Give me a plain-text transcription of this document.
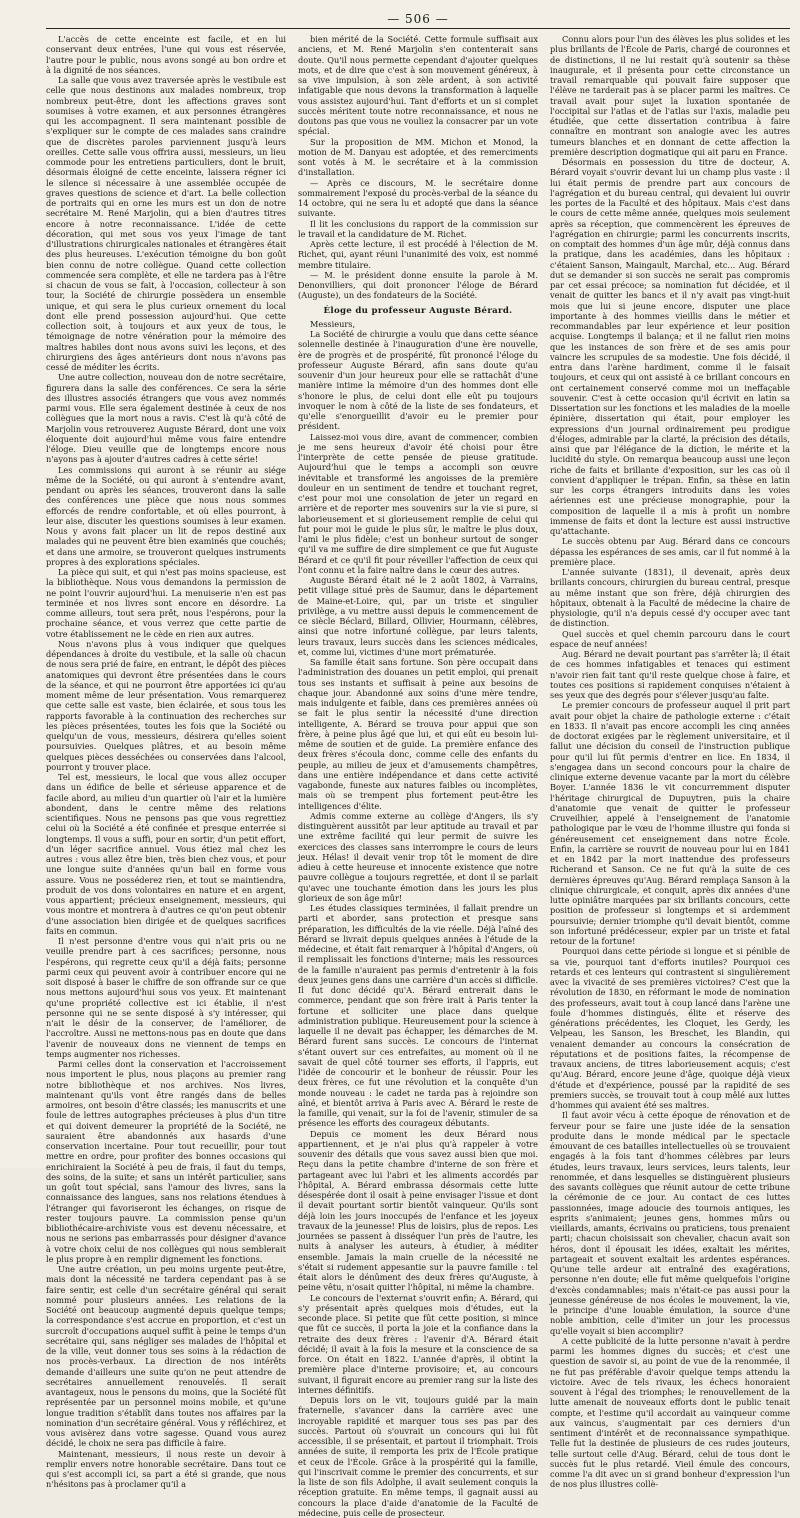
— 506 —

L'accès de cette enceinte est facile, et en lui conservant deux entrées, l'une qui vous est réservée, l'autre pour le public, nous avons songé au bon ordre et à la dignité de nos séances.

La salle que vous avez traversée après le vestibule est celle que nous destinons aux malades nombreux, trop nombreux peut-être, dont les affections graves sont soumises à votre examen, et aux personnes étrangères qui les accompagnent. Il sera maintenant possible de s'expliquer sur le compte de ces malades sans craindre que de discrètes paroles parviennent jusqu'à leurs oreilles. Cette salle vous offrira aussi, messieurs, un lieu commode pour les entretiens particuliers, dont le bruit, désormais éloigné de cette enceinte, laissera régner ici le silence si nécessaire à une assemblée occupée de graves questions de science et d'art. La belle collection de portraits qui en orne les murs est un don de notre secrétaire M. René Marjolin, qui a bien d'autres titres encore à notre reconnaissance. L'idée de cette décoration, qui met sous vos yeux l'image de tant d'illustrations chirurgicales nationales et étrangères était des plus heureuses. L'exécution témoigne du bon goût bien connu de notre collègue. Quand cette collection commencée sera complète, et elle ne tardera pas à l'être si chacun de vous se fait, à l'occasion, collecteur à son tour, la Société de chirurgie possèdera un ensemble unique, et qui sera le plus curieux ornement du local dont elle prend possession aujourd'hui. Que cette collection soit, à toujours et aux yeux de tous, le témoignage de notre vénération pour la mémoire des maîtres habiles dont nous avons suivi les leçons, et des chirurgiens des âges antérieurs dont nous n'avons pas cessé de méditer les écrits.

Une autre collection, nouveau don de notre secrétaire, figurera dans la salle des conférences. Ce sera la série des illustres associés étrangers que vous avez nommés parmi vous. Elle sera également destinée à ceux de nos collègues que la mort nous a ravis. C'est là qu'à côté de Marjolin vous retrouverez Auguste Bérard, dont une voix éloquente doit aujourd'hui même vous faire entendre l'éloge. Dieu veuille que de longtemps encore nous n'ayons pas à ajouter d'autres cadres à cette série!

Les commissions qui auront à se réunir au siége même de la Société, ou qui auront à s'entendre avant, pendant ou après les séances, trouveront dans la salle des conférences une pièce que nous nous sommes efforcés de rendre confortable, et où elles pourront, à leur aise, discuter les questions soumises à leur examen. Nous y avons fait placer un lit de repos destiné aux malades qui ne peuvent être bien examinés que couchés; et dans une armoire, se trouveront quelques instruments propres à des explorations spéciales.

La pièce qui suit, et qui n'est pas moins spacieuse, est la bibliothèque. Nous vous demandons la permission de ne point l'ouvrir aujourd'hui. La menuiserie n'en est pas terminée et nos livres sont encore en désordre. La comme ailleurs, tout sera prêt, nous l'espérons, pour la prochaine séance, et vous verrez que cette partie de votre établissement ne le cède en rien aux autres.

Nous n'avons plus à vous indiquer que quelques dépendances à droite du vestibule, et la salle où chacun de nous sera prié de faire, en entrant, le dépôt des pièces anatomiques qui devront être présentées dans le cours de la séance, et qui ne pourront être apportées ici qu'au moment même de leur présentation. Vous remarquerez que cette salle est vaste, bien éclairée, et sous tous les rapports favorable à la continuation des recherches sur les pièces présentées, toutes les fois que la Société ou quelqu'un de vous, messieurs, désirera qu'elles soient poursuivies. Quelques plâtres, et au besoin même quelques pièces desséchées ou conservées dans l'alcool, pourront y trouver place.

Tel est, messieurs, le local que vous allez occuper dans un édifice de belle et sérieuse apparence et de facile abord, au milieu d'un quartier où l'air et la lumière abondent, dans le centre même des relations scientifiques. Nous ne pensons pas que vous regrettiez celui où la Société a été confinée et presque enterrée si longtemps. Il vous a suffi, pour en sortir, d'un petit effort, d'un léger sacrifice annuel. Vous étiez mal chez les autres : vous allez être bien, très bien chez vous, et pour une longue suite d'années qu'un bail en forme vous assure. Vous ne posséderez rien, et tout se maintiendra, produit de vos dons volontaires en nature et en argent, vous appartient; précieux enseignement, messieurs, qui vous montre et montrera à d'autres ce qu'on peut obtenir d'une association bien dirigée et de quelques sacrifices faits en commun.

Il n'est personne d'entre vous qui n'ait pris ou ne veuille prendre part à ces sacrifices; personne, nous l'espérons, qui regrette ceux qu'il a déjà faits; personne parmi ceux qui peuvent avoir à contribuer encore qui ne soit disposé à baser le chiffre de son offrande sur ce que nous mettons aujourd'hui sous vos yeux. Et maintenant qu'une propriété collective est ici établie, il n'est personne qui ne se sente disposé à s'y intéresser, qui n'ait le désir de la conserver, de l'améliorer, de l'accroître. Aussi ne mettons-nous pas en doute que dans l'avenir de nouveaux dons ne viennent de temps en temps augmenter nos richesses.

Parmi celles dont la conservation et l'accroissement nous importent le plus, nous plaçons au premier rang notre bibliothèque et nos archives. Nos livres, maintenant qu'ils vont être rangés dans de belles armoires, ont besoin d'être classés; les manuscrits et une foule de lettres autographes précieuses à plus d'un titre et qui doivent demeurer la propriété de la Société, ne sauraient être abandonnés aux hasards d'une conservation incertaine. Pour tout recueillir, pour tout mettre en ordre, pour profiter des bonnes occasions qui enrichiraient la Société à peu de frais, il faut du temps, des soins, de la suite; et sans un intérêt particulier, sans un goût tout spécial, sans l'amour des livres, sans la connaissance des langues, sans nos relations étendues à l'étranger qui favoriseront les échanges, on risque de rester toujours pauvre. La commission pense qu'un bibliothécaire-archiviste vous est devenu nécessaire, et nous ne serions pas embarrassés pour désigner d'avance à votre choix celui de nos collègues qui nous semblerait le plus propre à en remplir dignement les fonctions.

Une autre création, un peu moins urgente peut-être, mais dont la nécessité ne tardera cependant pas à se faire sentir, est celle d'un secrétaire général qui serait nommé pour plusieurs années. Les relations de la Société ont beaucoup augmenté depuis quelque temps; la correspondance s'est accrue en proportion, et c'est un surcroît d'occupations auquel suffit à peine le temps d'un secrétaire qui, sans négliger ses malades de l'hôpital et de la ville, veut donner tous ses soins à la rédaction de nos procès-verbaux. La direction de nos intérêts demande d'ailleurs une suite qu'on ne peut attendre de secrétaires annuellement renouvelés. Il serait avantageux, nous le pensons du moins, que la Société fût représentée par un personnel moins mobile, et qu'une longue tradition s'établît dans toutes nos affaires par la nomination d'un secrétaire général. Vous y réfléchirez, et vous avisèrez dans votre sagesse. Quand vous aurez décidé, le choix ne sera pas difficile à faire.

Maintenant, messieurs, il nous reste un devoir à remplir envers notre honorable secrétaire. Dans tout ce qui s'est accompli ici, sa part a été si grande, que nous n'hésitons pas à proclamer qu'il a

bien mérité de la Société. Cette formule suffisait aux anciens, et M. René Marjolin s'en contenterait sans doute. Qu'il nous permette cependant d'ajouter quelques mots, et de dire que c'est à son mouvement généreux, à sa vive impulsion, à son zèle ardent, à son activité infatigable que nous devons la transformation à laquelle vous assistez aujourd'hui. Tant d'efforts et un si complet succès méritent toute notre reconnaissance, et nous ne doutons pas que vous ne vouliez la consacrer par un vote spécial.

Sur la proposition de MM. Michon et Monod, la motion de M. Danyau est adoptée, et des remerciments sont votés à M. le secrétaire et à la commission d'installation.

— Après ce discours, M. le secrétaire donne sommairement l'exposé du procès-verbal de la séance du 14 octobre, qui ne sera lu et adopté que dans la séance suivante.

Il lit les conclusions du rapport de la commission sur le travail et la candidature de M. Richet.

Après cette lecture, il est procédé à l'élection de M. Richet, qui, ayant réuni l'unanimité des voix, est nommé membre titulaire.

— M. le président donne ensuite la parole à M. Denonvilliers, qui doit prononcer l'éloge de Bérard (Auguste), un des fondateurs de la Société.

Éloge du professeur Auguste Bérard.

Messieurs,

La Société de chirurgie a voulu que dans cette séance solennelle destinée à l'inauguration d'une ère nouvelle, ère de progrès et de prospérité, fût prononcé l'éloge du professeur Auguste Bérard, afin sans doute qu'au souvenir d'un jour heureux pour elle se rattachât d'une manière intime la mémoire d'un des hommes dont elle s'honore le plus, de celui dont elle eût pu toujours invoquer le nom à côté de la liste de ses fondateurs, et qu'elle s'enorgueillit d'avoir eu le premier pour président.

Laissez-moi vous dire, avant de commencer, combien je me sens heureux d'avoir été choisi pour être l'interprète de cette pensée de pieuse gratitude. Aujourd'hui que le temps a accompli son œuvre inévitable et transformé les angoisses de la première douleur en un sentiment de tendre et touchant regret, c'est pour moi une consolation de jeter un regard en arrière et de reporter mes souvenirs sur la vie si pure, si laborieusement et si glorieusement remplie de celui qui fut pour moi le guide le plus sûr, le maître le plus doux, l'ami le plus fidèle; c'est un bonheur surtout de songer qu'il va me suffire de dire simplement ce que fut Auguste Bérard et ce qu'il fit pour réveiller l'affection de ceux qui l'ont connu et la faire naître dans le cœur des autres.

Auguste Bérard était né le 2 août 1802, à Varrains, petit village situé près de Saumur, dans le département de Maine-et-Loire, qui, par un triste et singulier privilège, a vu mettre aussi depuis le commencement de ce siècle Béclard, Billard, Ollivier, Hourmann, célèbres, ainsi que notre infortuné collègue, par leurs talents, leurs travaux, leurs succès dans les sciences médicales, et, comme lui, victimes d'une mort prématurée.

Sa famille était sans fortune. Son père occupait dans l'administration des douanes un petit emploi, qui prenait tous ses instants et suffisait à peine aux besoins de chaque jour. Abandonné aux soins d'une mère tendre, mais indulgente et faible, dans ces premières années où se fait le plus sentir la nécessité d'une direction intelligente, A. Bérard se trouva pour appui que son frère, à peine plus âgé que lui, et qui eût eu besoin lui-même de soutien et de guide. La première enfance des deux frères s'écoula donc, comme celle des enfants du peuple, au milieu de jeux et d'amusements champêtres, dans une entière indépendance et dans cette activité vagabonde, funeste aux natures faibles ou incomplètes, mais où se trempent plus fortement peut-être les intelligences d'élite.

Admis comme externe au collège d'Angers, ils s'y distinguèrent aussitôt par leur aptitude au travail et par une extrême facilité qui leur permit de suivre les exercices des classes sans interrompre le cours de leurs jeux. Hélas! il devait venir trop tôt le moment de dire adieu à cette heureuse et innocente existence que notre pauvre collègue a toujours regrettée, et dont il se parlait qu'avec une touchante émotion dans les jours les plus glorieux de son âge mûr!

Les études classiques terminées, il fallait prendre un parti et aborder, sans protection et presque sans préparation, les difficultés de la vie réelle. Déjà l'aîné des Bérard se livrait depuis quelques années à l'étude de la médecine, et était fait remarquer à l'hôpital d'Angers, où il remplissait les fonctions d'interne; mais les ressources de la famille n'auraient pas permis d'entretenir à la fois deux jeunes gens dans une carrière d'un accès si difficile. Il fut donc décidé qu'A. Bérard entrerait dans le commerce, pendant que son frère irait à Paris tenter la fortune et solliciter une place dans quelque administration publique. Heureusement pour la science à laquelle il ne devait pas échapper, les démarches de M. Bérard furent sans succès. Le concours de l'internat s'étant ouvert sur ces entrefaites, au moment où il ne savait de quel côté tourner ses efforts, il l'appris, eut l'idée de concourir et le bonheur de réussir. Pour les deux frères, ce fut une révolution et la conquête d'un monde nouveau : le cadet ne tarda pas à rejoindre son aîné, et bientôt arriva à Paris avec A. Bérard le reste de la famille, qui venait, sur la foi de l'avenir, stimuler de sa présence les efforts des courageux débutants.

Depuis ce moment les deux Bérard nous appartiennent, et je n'ai plus qu'à rappeler à votre souvenir des détails que vous savez aussi bien que moi. Reçu dans la petite chambre d'interne de son frère et partageant avec lui l'abri et les aliments accordés par l'hôpital, A. Bérard embrassa désormais cette lutte désespérée dont il osait à peine envisager l'issue et dont il devait pourtant sortir bientôt vainqueur. Qu'ils sont déjà loin les jours inoccupés de l'enfance et les joyeux travaux de la jeunesse! Plus de loisirs, plus de repos. Les journées se passent à disséquer l'un près de l'autre, les nuits à analyser les auteurs, à étudier, à méditer ensemble. Jamais la main cruelle de la nécessité ne s'était si rudement appesantie sur la pauvre famille : tel était alors le dénûment des deux frères qu'Auguste, à peine vêtu, n'osait quitter l'hôpital, ni même la chambre.

Le concours de l'externat s'ouvrit enfin; A. Bérard, qui s'y présentait après quelques mois d'études, eut la seconde place. Si petite que fût cette position, si mince que fût ce succès, il porta la joie et la confiance dans la retraite des deux frères : l'avenir d'A. Bérard était décidé; il avait à la fois la mesure et la conscience de sa force. On était en 1822. L'année d'après, il obtint la première place d'interne provisoire; et, au concours suivant, il figurait encore au premier rang sur la liste des internes définitifs.

Depuis lors on le vit, toujours guidé par la main fraternelle, s'avancer dans la carrière avec une incroyable rapidité et marquer tous ses pas par des succès. Partout où s'ouvrait un concours qui lui fût accessible, il se présentait, et partout il triomphait. Trois années de suite, il remporta les prix de l'École pratique et ceux de l'École. Grâce à la prospérité qui la famille, qui l'inscrivait comme le premier des concurrents, et sur la liste de son fils Adolphe, il avait seulement conquis la réception gratuite. En même temps, il gagnait aussi au concours la place d'aide d'anatomie de la Faculté de médecine, puis celle de prosecteur.

Connu alors pour l'un des élèves les plus solides et les plus brillants de l'École de Paris, chargé de couronnes et de distinctions, il ne lui restait qu'à soutenir sa thèse inaugurale, et il présenta pour cette circonstance un travail remarquable qui pouvait faire supposer que l'élève ne tarderait pas à se placer parmi les maîtres. Ce travail avait pour sujet la luxation spontanée de l'occipital sur l'atlas et de l'atlas sur l'axis, maladie peu étudiée, que cette dissertation contribua à faire connaître en montrant son analogie avec les autres tumeurs blanches et en donnant de cette affection la première description dogmatique qui ait paru en France.

Désormais en possession du titre de docteur, A. Bérard voyait s'ouvrir devant lui un champ plus vaste : il lui était permis de prendre part aux concours de l'agrégation et du bureau central, qui devaient lui ouvrir les portes de la Faculté et des hôpitaux. Mais c'est dans le cours de cette même année, quelques mois seulement après sa réception, que commencèrent les épreuves de l'agrégation en chirurgie; parmi les concurrents inscrits, on comptait des hommes d'un âge mûr, déjà connus dans la pratique, dans les académies, dans les hôpitaux : c'étaient Sanson, Maingault, Marchal, etc... Aug. Bérard dut se demander si son succès ne serait pas compromis par cet essai précoce; sa nomination fut décidée, et il venait de quitter les bancs et il n'y avait pas vingt-huit mois que lui si jeune encore, disputer une place importante à des hommes vieillis dans le métier et recommandables par leur expérience et leur position acquise. Longtemps il balança; et il ne fallut rien moins que les instances de son frère et de ses amis pour vaincre les scrupules de sa modestie. Une fois décidé, il entra dans l'arène hardiment, comme il le faisait toujours, et ceux qui ont assisté à ce brillant concours en ont certainement conservé comme moi un ineffaçable souvenir. C'est à cette occasion qu'il écrivit en latin sa Dissertation sur les fonctions et les maladies de la moelle épinière, dissertation qui était, pour employer les expressions d'un journal ordinairement peu prodigue d'éloges, admirable par la clarté, la précision des détails, ainsi que par l'élégance de la diction, le mérite et la lucidité du style. On remarqua beaucoup aussi une leçon riche de faits et brillante d'exposition, sur les cas où il convient d'appliquer le trépan. Enfin, sa thèse en latin sur les corps étrangers introduits dans les voies aériennes est une précieuse monographie, pour la composition de laquelle il a mis à profit un nombre immense de faits et dont la lecture est aussi instructive qu'attachante.

Le succès obtenu par Aug. Bérard dans ce concours dépassa les espérances de ses amis, car il fut nommé à la première place.

L'année suivante (1831), il devenait, après deux brillants concours, chirurgien du bureau central, presque au même instant que son frère, déjà chirurgien des hôpitaux, obtenait à la Faculté de médecine la chaire de physiologie, qu'il n'a depuis cessé d'y occuper avec tant de distinction.

Quel succès et quel chemin parcouru dans le court espace de neuf années!

Aug. Bérard ne devait pourtant pas s'arrêter là; il était de ces hommes infatigables et tenaces qui estiment n'avoir rien fait tant qu'il reste quelque chose à faire, et toutes ces positions si rapidement conquises n'étaient à ses yeux que des degrés pour s'élever jusqu'au faîte.

Le premier concours de professeur auquel il prit part avait pour objet la chaire de pathologie externe : c'était en 1833. Il n'avait pas encore accompli les cinq années de doctorat exigées par le règlement universitaire, et il fallut une décision du conseil de l'instruction publique pour qu'il lui fût permis d'entrer en lice. En 1834, il s'engagea dans un second concours pour la chaire de clinique externe devenue vacante par la mort du célèbre Boyer. L'année 1836 le vit concurremment disputer l'héritage chirurgical de Dupuytren, puis la chaire d'anatomie que venait de quitter le professeur Cruveilhier, appelé à l'enseignement de l'anatomie pathologique par le vœu de l'homme illustre qui fonda si généreusement cet enseignement dans notre École. Enfin, la carrière se rouvrit de nouveau pour lui en 1841 et en 1842 par la mort inattendue des professeurs Richerand et Sanson. Ce ne fut qu'à la suite de ces dernières épreuves qu'Aug. Bérard remplaça Sanson à la clinique chirurgicale, et conquit, après dix années d'une lutte opiniâtre marquées par six brillants concours, cette position de professeur si longtemps et si ardemment poursuivie; dernier triomphe qu'il devait bientôt, comme son infortuné prédécesseur, expier par un triste et fatal retour de la fortune!

Pourquoi dans cette période si longue et si pénible de sa vie, pourquoi tant d'efforts inutiles? Pourquoi ces retards et ces lenteurs qui contrastent si singulièrement avec la vivacité de ses premières victoires? C'est que la révolution de 1830, en réformant le mode de nomination des professeurs, avait tout à coup lancé dans l'arène une foule d'hommes distingués, élite et réserve des générations précédentes, les Cloquet, les Gerdy, les Velpeau, les Sanson, les Breschet, les Blandin, qui venaient demander au concours la consécration de réputations et de positions faites, la récompense de travaux anciens, de titres laborieusement acquis; c'est qu'Aug. Bérard, encore jeune d'âge, quoique déjà vieux d'étude et d'expérience, poussé par la rapidité de ses premiers succès, se trouvait tout à coup mêlé aux luttes d'hommes qui avaient été ses maîtres.

Il faut avoir vécu à cette époque de rénovation et de ferveur pour se faire une juste idée de la sensation produite dans le monde médical par le spectacle émouvant de ces batailles intellectuelles où se trouvaient engagés à la fois tant d'hommes célèbres par leurs études, leurs travaux, leurs services, leurs talents, leur renommée, et dans lesquelles se distinguèrent plusieurs des savants collègues que réunit autour de cette tribune la cérémonie de ce jour. Au contact de ces luttes passionnées, image adoucie des tournois antiques, les esprits s'animaient; jeunes gens, hommes mûrs ou vieillards, amants, écrivains ou praticiens, tous prenaient parti; chacun choisissait son chevalier, chacun avait son héros, dont il épousait les idées, exaltait les mérites, partageait et souvent exaltait les ardentes espérances. Qu'une telle ardeur ait entraîné des exagérations, personne n'en doute; elle fut même quelquefois l'origine d'excès condamnables; mais n'était-ce pas aussi pour la jeunesse généreuse de nos écoles le mouvement, la vie, le principe d'une louable émulation, la source d'une noble ambition, celle d'imiter un jour les processus qu'elle voyait si bien accomplir?

A cette publicité de la lutte personne n'avait à perdre parmi les hommes dignes du succès; et c'est une question de savoir si, au point de vue de la renommée, il ne fut pas préférable d'avoir quelque temps attendu la victoire. Avec de tels rivaux, les échecs honoraient souvent à l'égal des triomphes; le renouvellement de la lutte amenait de nouveaux efforts dont le public tenait compte, et l'estime qu'il accordait au vainqueur comme aux vaincus, s'augmentait par ces derniers d'un sentiment d'intérêt et de reconnaissance sympathique. Telle fut la destinée de plusieurs de ces rudes jouteurs, telle surtout celle d'Aug. Bérard, celui de tous dont le succès fut le plus retardé. Vieil émule des concours, comme l'a dit avec un si grand bonheur d'expression l'un de nos plus illustres collè-
